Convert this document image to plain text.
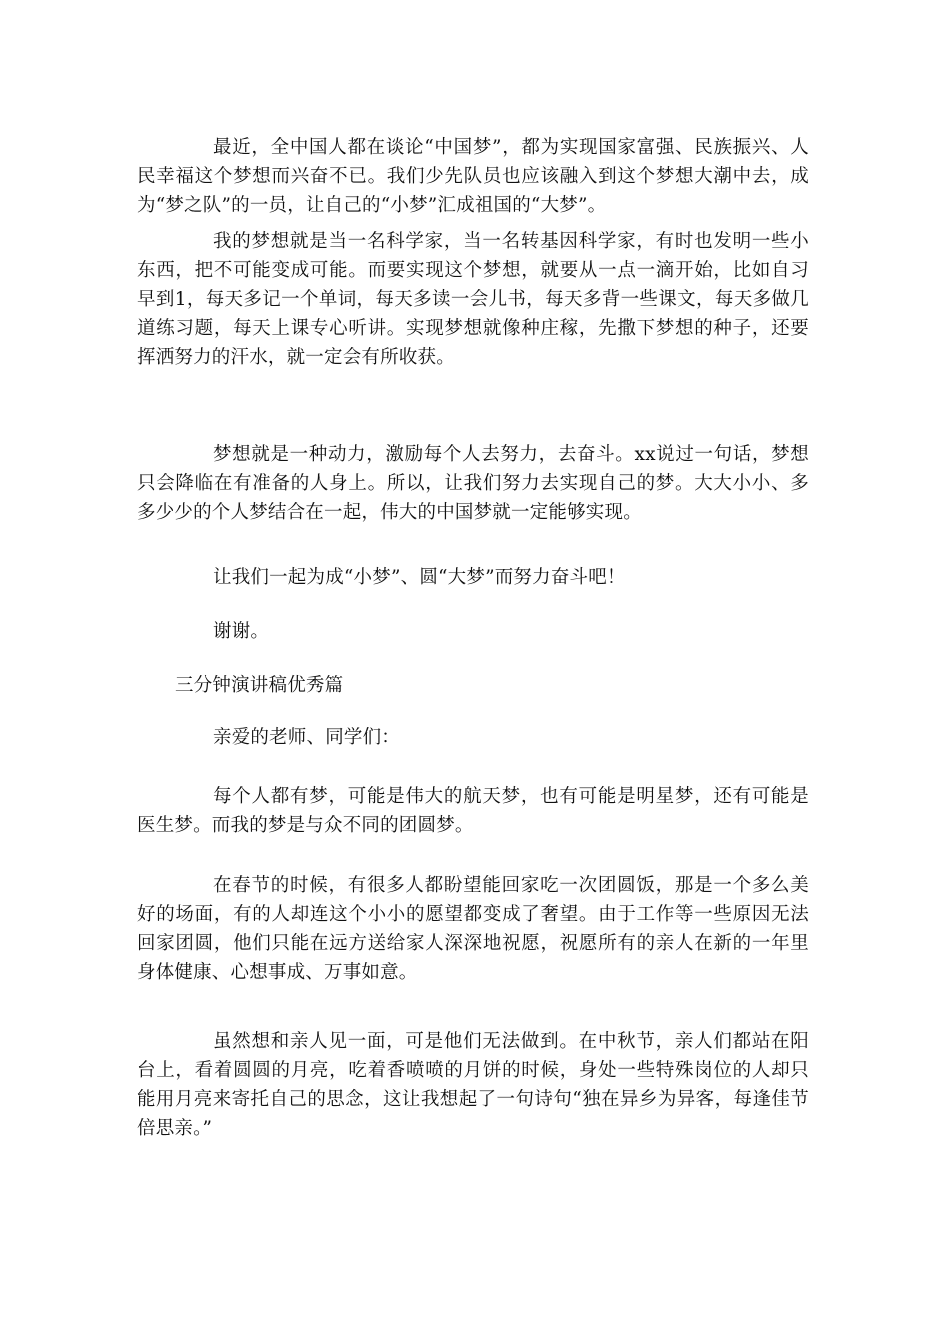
最近，全中国人都在谈论“中国梦”，都为实现国家富强、民族振兴、人民幸福这个梦想而兴奋不已。我们少先队员也应该融入到这个梦想大潮中去，成为“梦之队”的一员，让自己的“小梦”汇成祖国的“大梦”。

我的梦想就是当一名科学家，当一名转基因科学家，有时也发明一些小东西，把不可能变成可能。而要实现这个梦想，就要从一点一滴开始，比如自习早到1，每天多记一个单词，每天多读一会儿书，每天多背一些课文，每天多做几道练习题，每天上课专心听讲。实现梦想就像种庄稼，先撒下梦想的种子，还要挥洒努力的汗水，就一定会有所收获。

梦想就是一种动力，激励每个人去努力，去奋斗。xx说过一句话，梦想只会降临在有准备的人身上。所以，让我们努力去实现自己的梦。大大小小、多多少少的个人梦结合在一起，伟大的中国梦就一定能够实现。

让我们一起为成“小梦”、圆“大梦”而努力奋斗吧！

谢谢。

三分钟演讲稿优秀篇

亲爱的老师、同学们：

每个人都有梦，可能是伟大的航天梦，也有可能是明星梦，还有可能是医生梦。而我的梦是与众不同的团圆梦。

在春节的时候，有很多人都盼望能回家吃一次团圆饭，那是一个多么美好的场面，有的人却连这个小小的愿望都变成了奢望。由于工作等一些原因无法回家团圆，他们只能在远方送给家人深深地祝愿，祝愿所有的亲人在新的一年里身体健康、心想事成、万事如意。

虽然想和亲人见一面，可是他们无法做到。在中秋节，亲人们都站在阳台上，看着圆圆的月亮，吃着香喷喷的月饼的时候，身处一些特殊岗位的人却只能用月亮来寄托自己的思念，这让我想起了一句诗句“独在异乡为异客，每逢佳节倍思亲。”
